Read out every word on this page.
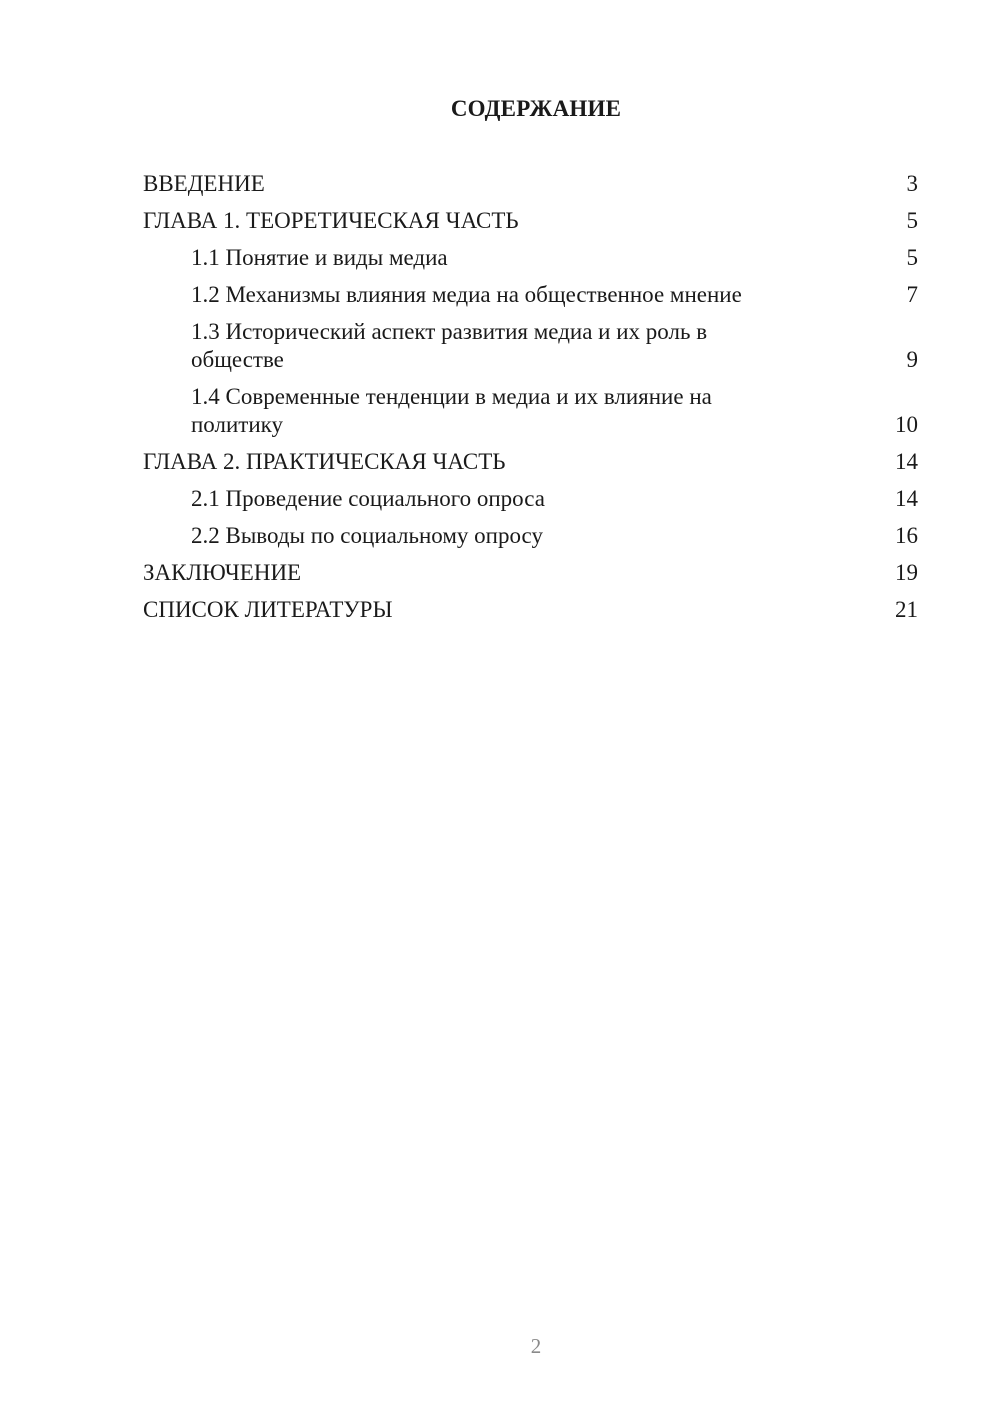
СОДЕРЖАНИЕ
ВВЕДЕНИЕ	3
ГЛАВА 1. ТЕОРЕТИЧЕСКАЯ ЧАСТЬ	5
1.1 Понятие и виды медиа	5
1.2 Механизмы влияния медиа на общественное мнение	7
1.3 Исторический аспект развития медиа и их роль в обществе	9
1.4 Современные тенденции в медиа и их влияние на политику	10
ГЛАВА 2. ПРАКТИЧЕСКАЯ ЧАСТЬ	14
2.1 Проведение социального опроса	14
2.2 Выводы по социальному опросу	16
ЗАКЛЮЧЕНИЕ	19
СПИСОК ЛИТЕРАТУРЫ	21
2
